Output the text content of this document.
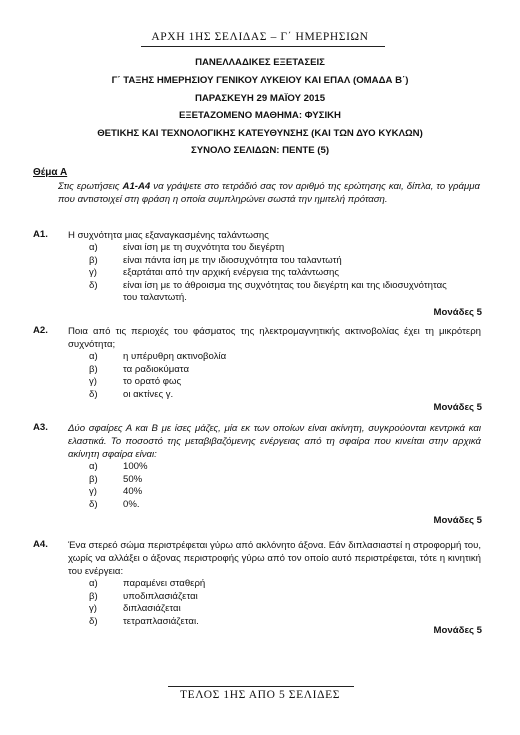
ΑΡΧΗ 1ΗΣ ΣΕΛΙΔΑΣ – Γ΄ ΗΜΕΡΗΣΙΩΝ
ΠΑΝΕΛΛΑΔΙΚΕΣ ΕΞΕΤΑΣΕΙΣ
Γ΄ ΤΑΞΗΣ ΗΜΕΡΗΣΙΟΥ ΓΕΝΙΚΟΥ ΛΥΚΕΙΟΥ ΚΑΙ ΕΠΑΛ (ΟΜΑΔΑ Β΄)
ΠΑΡΑΣΚΕΥΗ 29 ΜΑΪΟΥ 2015
ΕΞΕΤΑΖΟΜΕΝΟ ΜΑΘΗΜΑ: ΦΥΣΙΚΗ
ΘΕΤΙΚΗΣ ΚΑΙ ΤΕΧΝΟΛΟΓΙΚΗΣ ΚΑΤΕΥΘΥΝΣΗΣ (ΚΑΙ ΤΩΝ ΔΥΟ ΚΥΚΛΩΝ)
ΣΥΝΟΛΟ ΣΕΛΙΔΩΝ: ΠΕΝΤΕ (5)
Θέμα Α
Στις ερωτήσεις Α1-Α4 να γράψετε στο τετράδιό σας τον αριθμό της ερώτησης και, δίπλα, το γράμμα που αντιστοιχεί στη φράση η οποία συμπληρώνει σωστά την ημιτελή πρόταση.
Α1. Η συχνότητα μιας εξαναγκασμένης ταλάντωσης
α)	είναι ίση με τη συχνότητα του διεγέρτη
β)	είναι πάντα ίση με την ιδιοσυχνότητα του ταλαντωτή
γ)	εξαρτάται από την αρχική ενέργεια της ταλάντωσης
δ)	είναι ίση με το άθροισμα της συχνότητας του διεγέρτη και της ιδιοσυχνότητας του ταλαντωτή.
Μονάδες 5
Α2. Ποια από τις περιοχές του φάσματος της ηλεκτρομαγνητικής ακτινοβολίας έχει τη μικρότερη συχνότητα;
α)	η υπέρυθρη ακτινοβολία
β)	τα ραδιοκύματα
γ)	το ορατό φως
δ)	οι ακτίνες γ.
Μονάδες 5
Α3. Δύο σφαίρες Α και Β με ίσες μάζες, μία εκ των οποίων είναι ακίνητη, συγκρούονται κεντρικά και ελαστικά. Το ποσοστό της μεταβιβαζόμενης ενέργειας από τη σφαίρα που κινείται στην αρχικά ακίνητη σφαίρα είναι:
α)	100%
β)	50%
γ)	40%
δ)	0%.
Μονάδες 5
Α4. Ένα στερεό σώμα περιστρέφεται γύρω από ακλόνητο άξονα. Εάν διπλασιαστεί η στροφορμή του, χωρίς να αλλάξει ο άξονας περιστροφής γύρω από τον οποίο αυτό περιστρέφεται, τότε η κινητική του ενέργεια:
α)	παραμένει σταθερή
β)	υποδιπλασιάζεται
γ)	διπλασιάζεται
δ)	τετραπλασιάζεται.
Μονάδες 5
ΤΕΛΟΣ 1ΗΣ ΑΠΟ 5 ΣΕΛΙΔΕΣ
